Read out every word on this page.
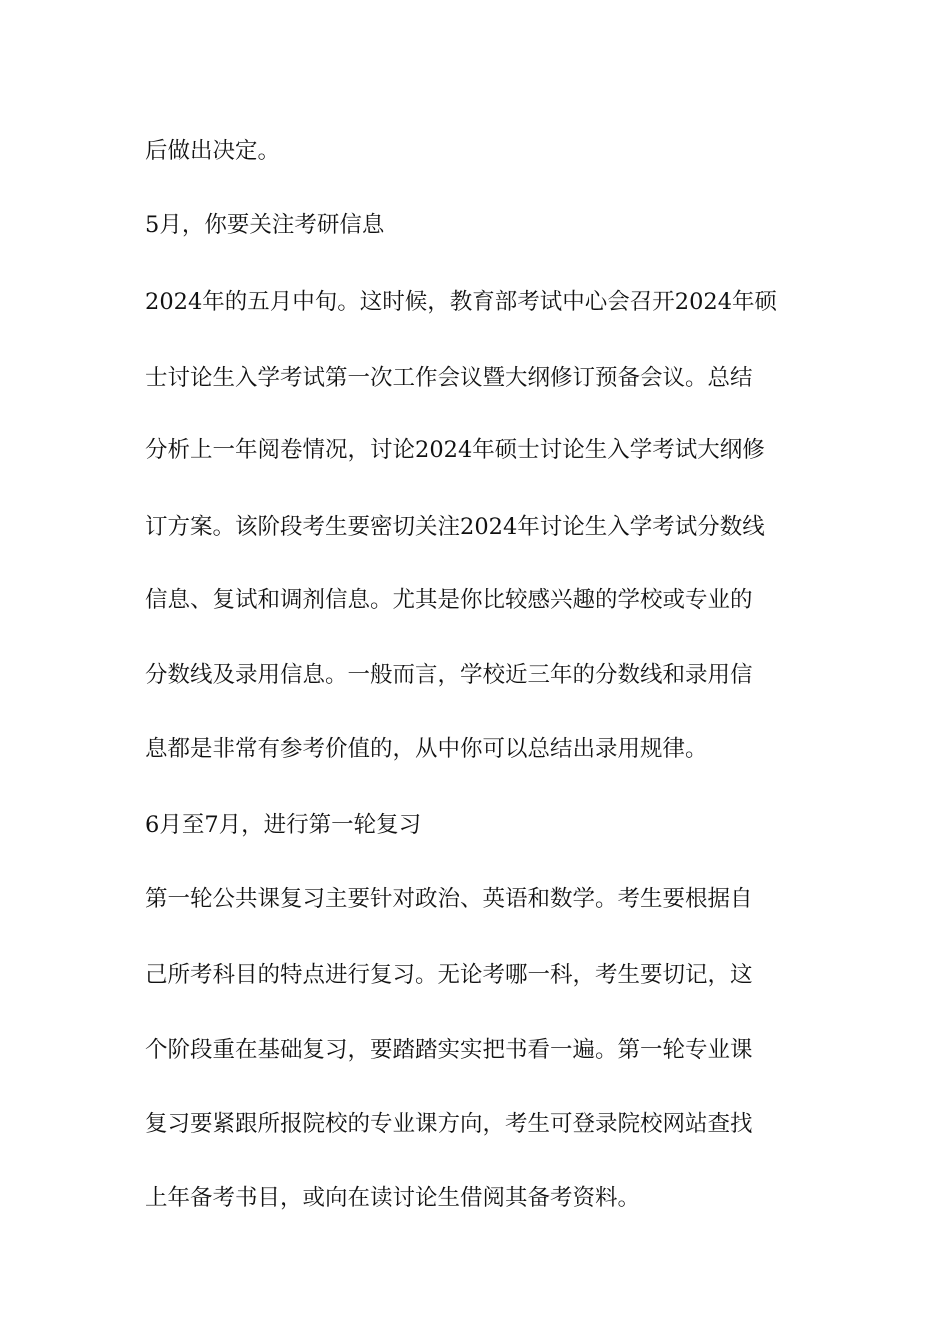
后做出决定。
5月，你要关注考研信息
2024年的五月中旬。这时候，教育部考试中心会召开2024年硕
士讨论生入学考试第一次工作会议暨大纲修订预备会议。总结
分析上一年阅卷情况，讨论2024年硕士讨论生入学考试大纲修
订方案。该阶段考生要密切关注2024年讨论生入学考试分数线
信息、复试和调剂信息。尤其是你比较感兴趣的学校或专业的
分数线及录用信息。一般而言，学校近三年的分数线和录用信
息都是非常有参考价值的，从中你可以总结出录用规律。
6月至7月，进行第一轮复习
第一轮公共课复习主要针对政治、英语和数学。考生要根据自
己所考科目的特点进行复习。无论考哪一科，考生要切记，这
个阶段重在基础复习，要踏踏实实把书看一遍。第一轮专业课
复习要紧跟所报院校的专业课方向，考生可登录院校网站查找
上年备考书目，或向在读讨论生借阅其备考资料。
